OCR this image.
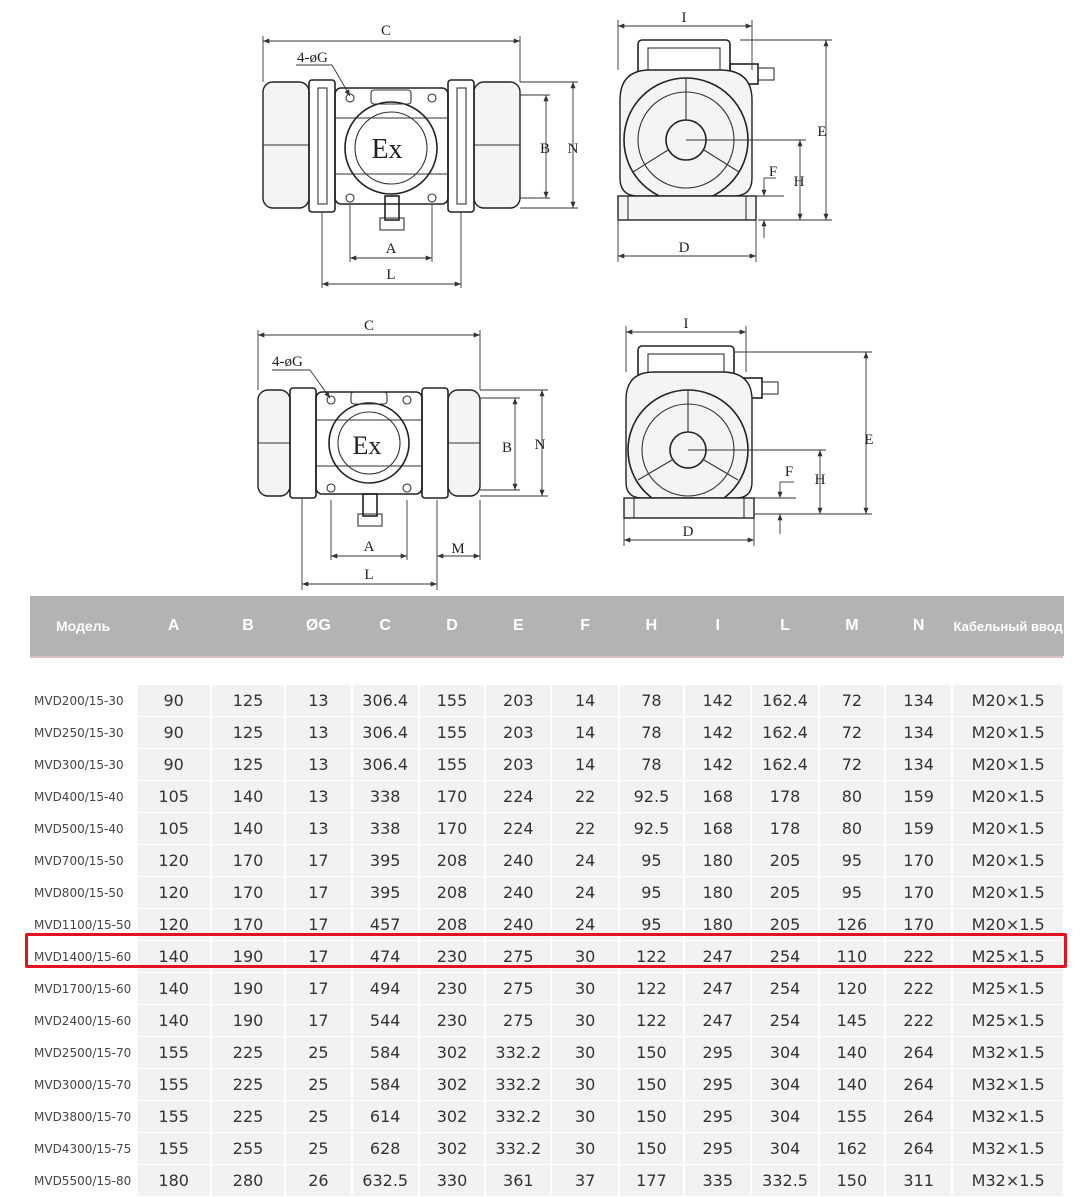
C
4-øG
B N
A
L
I
E
F
H
D
C
4-øG
B N
A	M
L
I
E
F H
D
Ex
Ex
Модель	A	B	ØG	C	D	E	F	H	I	L	M	N	Кабельный ввод

MVD200/15-30	90	125	13	306.4	155	203	14	78	142	162.4	72	134	M20×1.5
MVD250/15-30	90	125	13	306.4	155	203	14	78	142	162.4	72	134	M20×1.5
MVD300/15-30	90	125	13	306.4	155	203	14	78	142	162.4	72	134	M20×1.5
MVD400/15-40	105	140	13	338	170	224	22	92.5	168	178	80	159	M20×1.5
MVD500/15-40	105	140	13	338	170	224	22	92.5	168	178	80	159	M20×1.5
MVD700/15-50	120	170	17	395	208	240	24	95	180	205	95	170	M20×1.5
MVD800/15-50	120	170	17	395	208	240	24	95	180	205	95	170	M20×1.5
MVD1100/15-50	120	170	17	457	208	240	24	95	180	205	126	170	M20×1.5
MVD1400/15-60	140	190	17	474	230	275	30	122	247	254	110	222	M25×1.5
MVD1700/15-60	140	190	17	494	230	275	30	122	247	254	120	222	M25×1.5
MVD2400/15-60	140	190	17	544	230	275	30	122	247	254	145	222	M25×1.5
MVD2500/15-70	155	225	25	584	302	332.2	30	150	295	304	140	264	M32×1.5
MVD3000/15-70	155	225	25	584	302	332.2	30	150	295	304	140	264	M32×1.5
MVD3800/15-70	155	225	25	614	302	332.2	30	150	295	304	155	264	M32×1.5
MVD4300/15-75	155	255	25	628	302	332.2	30	150	295	304	162	264	M32×1.5
MVD5500/15-80	180	280	26	632.5	330	361	37	177	335	332.5	150	311	M32×1.5
